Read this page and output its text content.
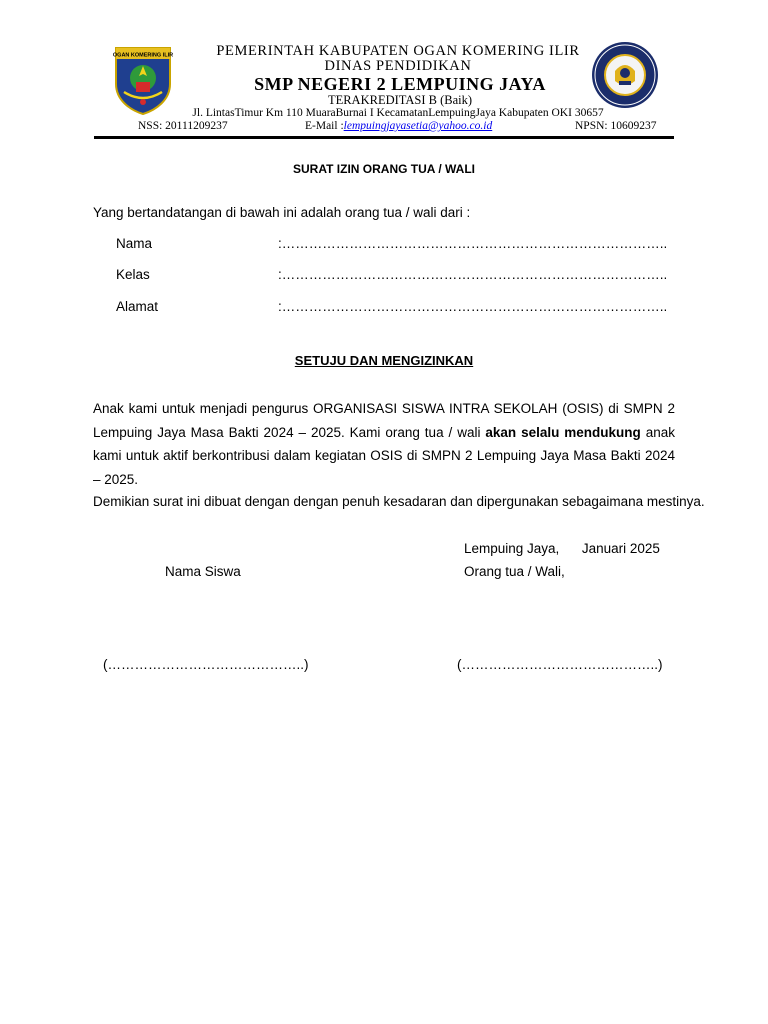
OGAN KOMERING ILIR	PEMERINTAH KABUPATEN OGAN KOMERING ILIR
DINAS PENDIDIKAN
SMP NEGERI 2 LEMPUING JAYA
TERAKREDITASI B (Baik)
Jl. LintasTimur Km 110 MuaraBurnai I KecamatanLempuingJaya Kabupaten OKI 30657
NSS: 20111209237	E-Mail :lempuingjayasetia@yahoo.co.id	NPSN: 10609237
SURAT IZIN ORANG TUA / WALI
Yang bertandatangan di bawah ini adalah orang tua / wali dari :
Nama	:…………………………………………………………………………..
Kelas	:…………………………………………………………………………..
Alamat	:…………………………………………………………………………..
SETUJU DAN MENGIZINKAN
Anak kami untuk menjadi pengurus ORGANISASI SISWA INTRA SEKOLAH (OSIS) di SMPN 2 Lempuing Jaya Masa Bakti 2024 – 2025. Kami orang tua / wali akan selalu mendukung anak kami untuk aktif berkontribusi dalam kegiatan OSIS di SMPN 2 Lempuing Jaya Masa Bakti 2024 – 2025.
Demikian surat ini dibuat dengan dengan penuh kesadaran dan dipergunakan sebagaimana mestinya.
Lempuing Jaya,      Januari 2025
Nama Siswa	Orang tua / Wali,
(……………………………………..)	(……………………………………..)
